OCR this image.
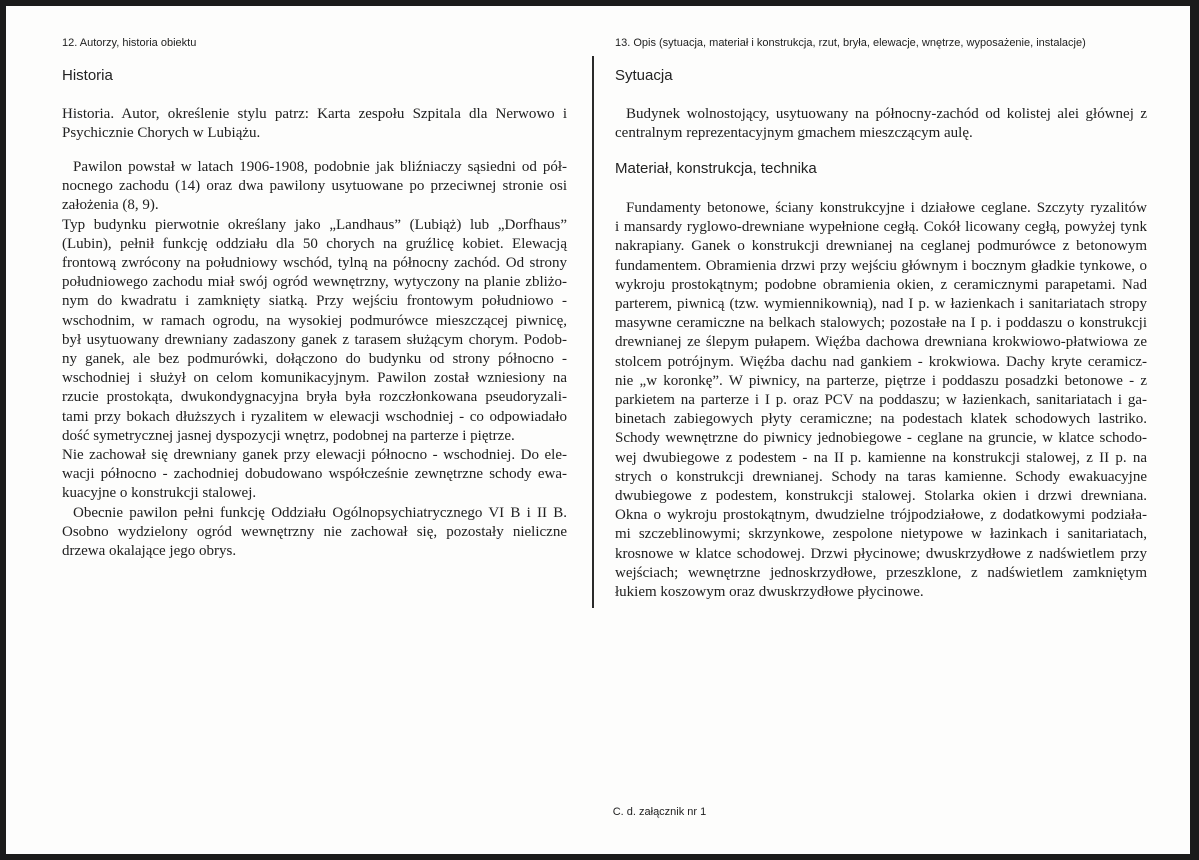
12. Autorzy, historia obiektu
Historia
Historia. Autor, określenie stylu patrz: Karta zespołu Szpitala dla Nerwowo i
Psychicznie Chorych w Lubiążu.
Pawilon powstał w latach 1906-1908, podobnie jak bliźniaczy sąsiedni od pół-
nocnego zachodu (14) oraz dwa pawilony usytuowane po przeciwnej stronie osi
założenia (8, 9).
Typ budynku pierwotnie określany jako „Landhaus” (Lubiąż) lub „Dorfhaus”
(Lubin), pełnił funkcję oddziału dla 50 chorych na gruźlicę kobiet. Elewacją
frontową zwrócony na południowy wschód, tylną na północny zachód. Od strony
południowego zachodu miał swój ogród wewnętrzny, wytyczony na planie zbliżo-
nym do kwadratu i zamknięty siatką. Przy wejściu frontowym południowo -
wschodnim, w ramach ogrodu, na wysokiej podmurówce mieszczącej piwnicę,
był usytuowany drewniany zadaszony ganek z tarasem służącym chorym. Podob-
ny ganek, ale bez podmurówki, dołączono do budynku od strony północno -
wschodniej i służył on celom komunikacyjnym. Pawilon został wzniesiony na
rzucie prostokąta, dwukondygnacyjna bryła była rozczłonkowana pseudoryzali-
tami przy bokach dłuższych i ryzalitem w elewacji wschodniej - co odpowiadało
dość symetrycznej jasnej dyspozycji wnętrz, podobnej na parterze i piętrze.
Nie zachował się drewniany ganek przy elewacji północno - wschodniej. Do ele-
wacji północno - zachodniej dobudowano współcześnie zewnętrzne schody ewa-
kuacyjne o konstrukcji stalowej.
Obecnie pawilon pełni funkcję Oddziału Ogólnopsychiatrycznego VI B i II B.
Osobno wydzielony ogród wewnętrzny nie zachował się, pozostały nieliczne
drzewa okalające jego obrys.
13. Opis (sytuacja, materiał i konstrukcja, rzut, bryła, elewacje, wnętrze, wyposażenie, instalacje)
Sytuacja
Budynek wolnostojący, usytuowany na północny-zachód od kolistej alei głównej z
centralnym reprezentacyjnym gmachem mieszczącym aulę.
Materiał, konstrukcja, technika
Fundamenty betonowe, ściany konstrukcyjne i działowe ceglane. Szczyty ryzalitów
i mansardy ryglowo-drewniane wypełnione cegłą. Cokół licowany cegłą, powyżej tynk
nakrapiany. Ganek o konstrukcji drewnianej na ceglanej podmurówce z betonowym
fundamentem. Obramienia drzwi przy wejściu głównym i bocznym gładkie tynkowe, o
wykroju prostokątnym; podobne obramienia okien, z ceramicznymi parapetami. Nad
parterem, piwnicą (tzw. wymiennikownią), nad I p. w łazienkach i sanitariatach stropy
masywne ceramiczne na belkach stalowych; pozostałe na I p. i poddaszu o konstrukcji
drewnianej ze ślepym pułapem. Więźba dachowa drewniana krokwiowo-płatwiowa ze
stolcem potrójnym. Więźba dachu nad gankiem - krokwiowa. Dachy kryte ceramicz-
nie „w koronkę”. W piwnicy, na parterze, piętrze i poddaszu posadzki betonowe - z
parkietem na parterze i I p. oraz PCV na poddaszu; w łazienkach, sanitariatach i ga-
binetach zabiegowych płyty ceramiczne; na podestach klatek schodowych lastriko.
Schody wewnętrzne do piwnicy jednobiegowe - ceglane na gruncie, w klatce schodo-
wej dwubiegowe z podestem - na II p. kamienne na konstrukcji stalowej, z II p. na
strych o konstrukcji drewnianej. Schody na taras kamienne. Schody ewakuacyjne
dwubiegowe z podestem, konstrukcji stalowej. Stolarka okien i drzwi drewniana.
Okna o wykroju prostokątnym, dwudzielne trójpodziałowe, z dodatkowymi podziała-
mi szczeblinowymi; skrzynkowe, zespolone nietypowe w łazinkach i sanitariatach,
krosnowe w klatce schodowej. Drzwi płycinowe; dwuskrzydłowe z nadświetlem przy
wejściach; wewnętrzne jednoskrzydłowe, przeszklone, z nadświetlem zamkniętym
łukiem koszowym oraz dwuskrzydłowe płycinowe.
C. d. załącznik nr 1
